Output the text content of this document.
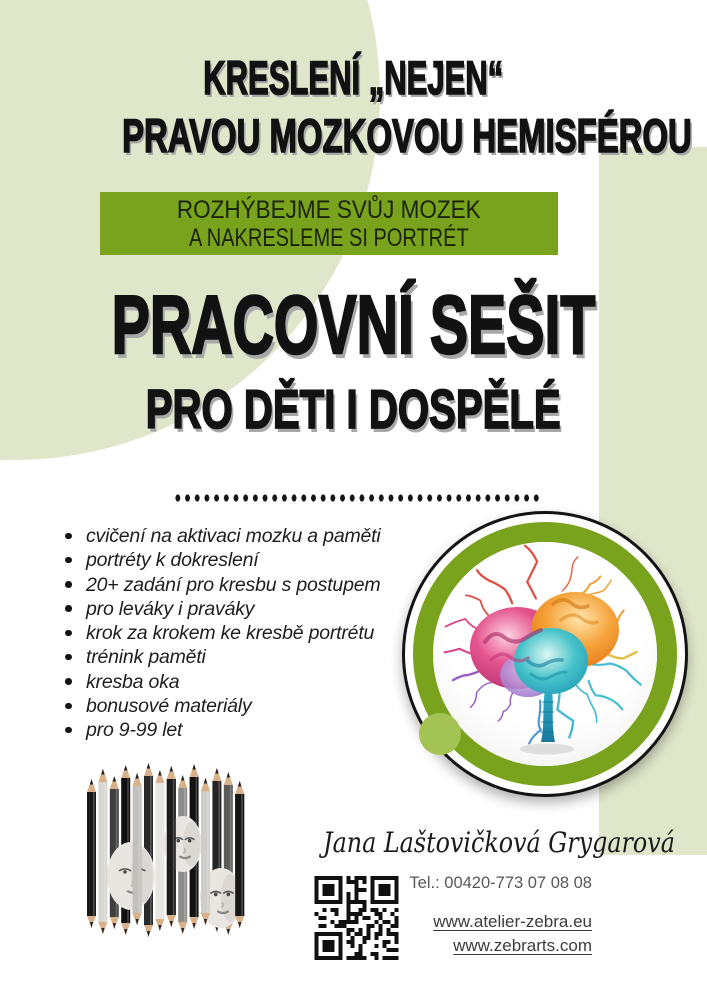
KRESLENÍ „NEJEN“
PRAVOU MOZKOVOU HEMISFÉROU
ROZHÝBEJME SVŮJ MOZEK
A NAKRESLEME SI PORTRÉT
PRACOVNÍ SEŠIT
PRO DĚTI I DOSPĚLÉ
cvičení na aktivaci mozku a paměti
portréty k dokreslení
20+ zadání pro kresbu s postupem
pro leváky i praváky
krok za krokem ke kresbě portrétu
trénink paměti
kresba oka
bonusové materiály
pro 9-99 let
Jana Laštovičková Grygarová
Tel.: 00420-773 07 08 08
www.atelier-zebra.eu
www.zebrarts.com
